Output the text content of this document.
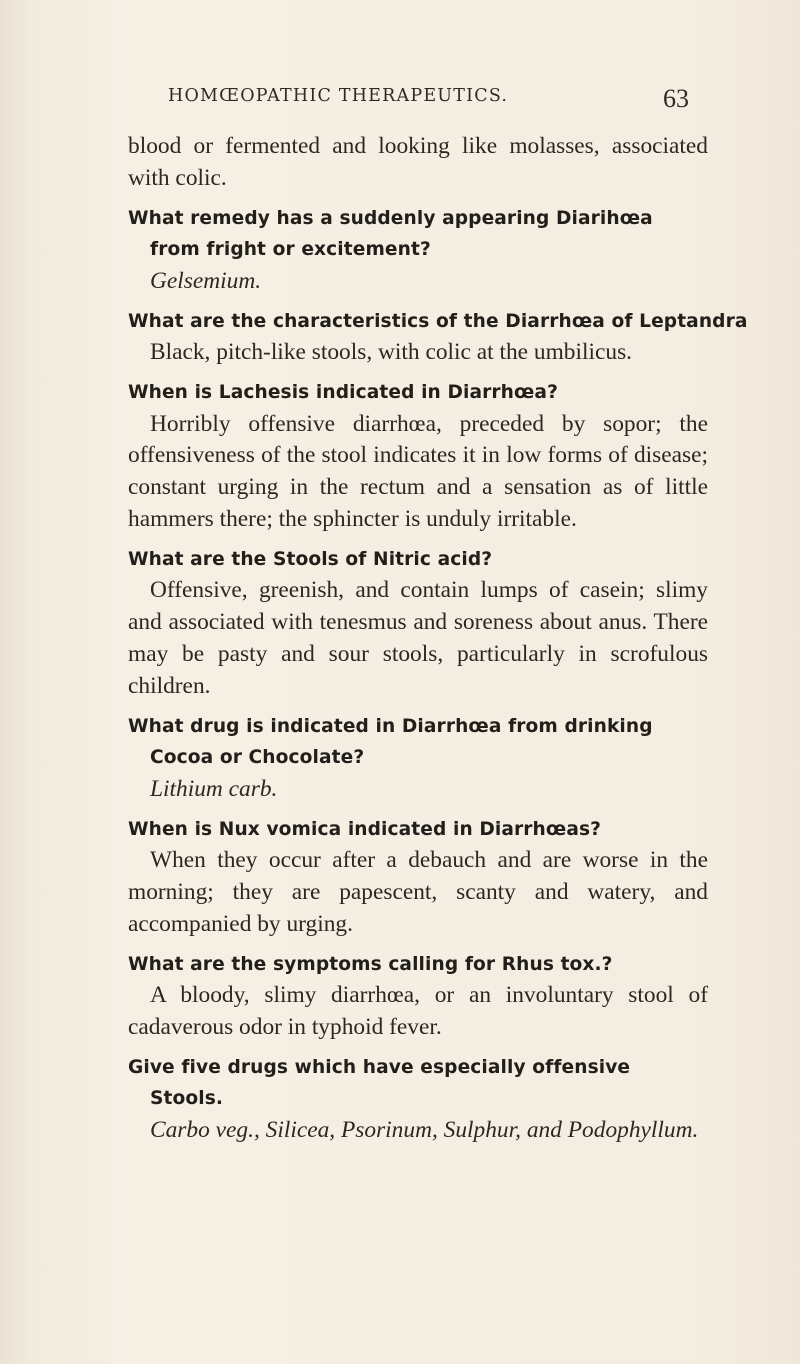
HOMŒOPATHIC THERAPEUTICS.	63

blood or fermented and looking like molasses, associated with colic.

What remedy has a suddenly appearing Diarihœa from fright or excitement?

Gelsemium.

What are the characteristics of the Diarrhœa of Leptandra

Black, pitch-like stools, with colic at the umbilicus.

When is Lachesis indicated in Diarrhœa?

Horribly offensive diarrhœa, preceded by sopor; the offensiveness of the stool indicates it in low forms of disease; constant urging in the rectum and a sensation as of little hammers there; the sphincter is unduly irritable.

What are the Stools of Nitric acid?

Offensive, greenish, and contain lumps of casein; slimy and associated with tenesmus and soreness about anus. There may be pasty and sour stools, particularly in scrofulous children.

What drug is indicated in Diarrhœa from drinking Cocoa or Chocolate?

Lithium carb.

When is Nux vomica indicated in Diarrhœas?

When they occur after a debauch and are worse in the morning; they are papescent, scanty and watery, and accompanied by urging.

What are the symptoms calling for Rhus tox.?

A bloody, slimy diarrhœa, or an involuntary stool of cadaverous odor in typhoid fever.

Give five drugs which have especially offensive Stools.

Carbo veg., Silicea, Psorinum, Sulphur, and Podophyllum.
